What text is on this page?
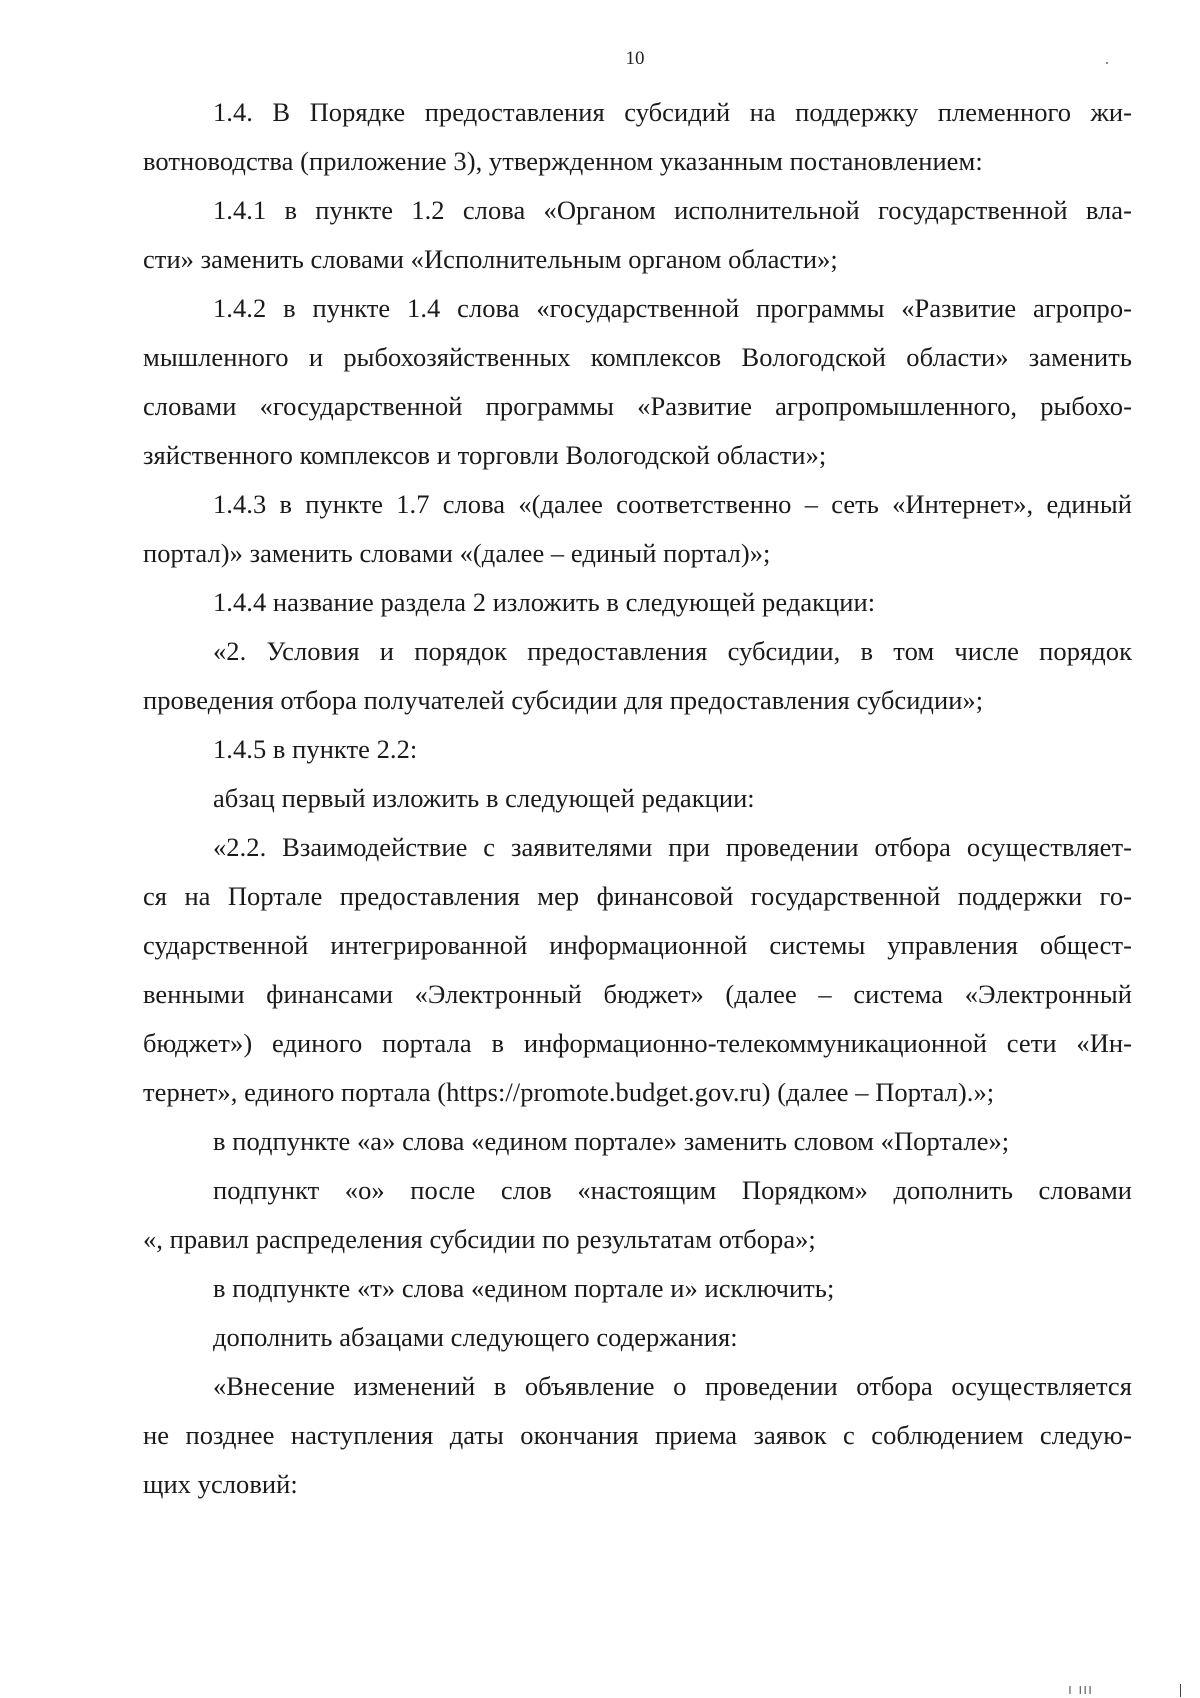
10

1.4. В Порядке предоставления субсидий на поддержку племенного жи-

вотноводства (приложение 3), утвержденном указанным постановлением:

1.4.1 в пункте 1.2 слова «Органом исполнительной государственной вла-

сти» заменить словами «Исполнительным органом области»;

1.4.2 в пункте 1.4 слова «государственной программы «Развитие агропро-

мышленного и рыбохозяйственных комплексов Вологодской области» заменить

словами «государственной программы «Развитие агропромышленного, рыбохо-

зяйственного комплексов и торговли Вологодской области»;

1.4.3 в пункте 1.7 слова «(далее соответственно – сеть «Интернет», единый

портал)» заменить словами «(далее – единый портал)»;

1.4.4 название раздела 2 изложить в следующей редакции:

«2. Условия и порядок предоставления субсидии, в том числе порядок

проведения отбора получателей субсидии для предоставления субсидии»;

1.4.5 в пункте 2.2:

абзац первый изложить в следующей редакции:

«2.2. Взаимодействие с заявителями при проведении отбора осуществляет-

ся на Портале предоставления мер финансовой государственной поддержки го-

сударственной интегрированной информационной системы управления общест-

венными финансами «Электронный бюджет» (далее – система «Электронный

бюджет») единого портала в информационно-телекоммуникационной сети «Ин-

тернет», единого портала (https://promote.budget.gov.ru) (далее – Портал).»;

в подпункте «а» слова «едином портале» заменить словом «Портале»;

подпункт «о» после слов «настоящим Порядком» дополнить словами

«, правил распределения субсидии по результатам отбора»;

в подпункте «т» слова «едином портале и» исключить;

дополнить абзацами следующего содержания:

«Внесение изменений в объявление о проведении отбора осуществляется

не позднее наступления даты окончания приема заявок с соблюдением следую-

щих условий:

ı ııı
